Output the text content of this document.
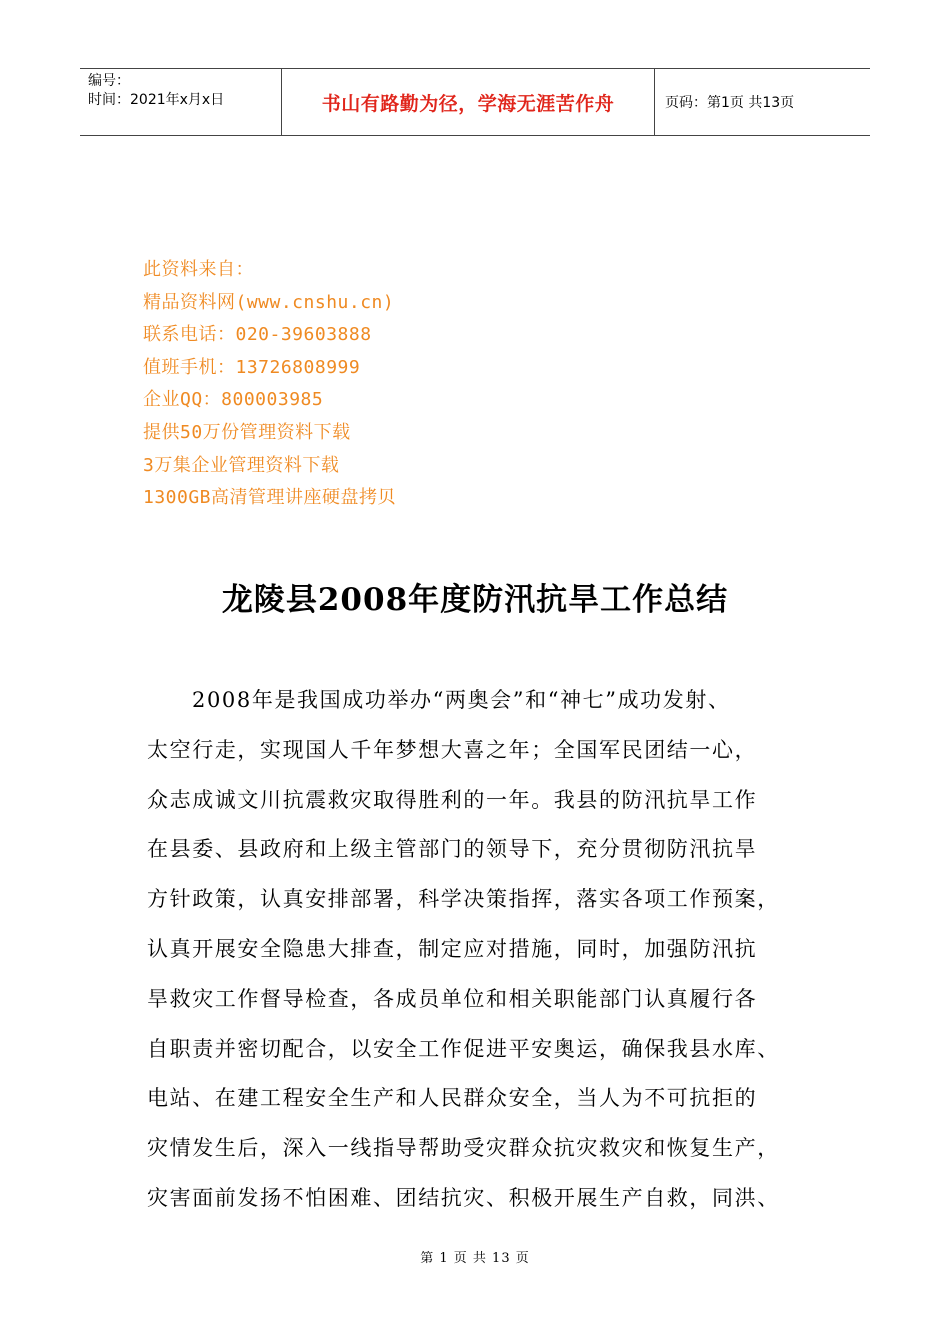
编号：
时间：2021年x月x日	书山有路勤为径，学海无涯苦作舟	页码：第1页 共13页
此资料来自：
精品资料网(www.cnshu.cn)
联系电话：020-39603888
值班手机：13726808999
企业QQ：800003985
提供50万份管理资料下载
3万集企业管理资料下载
1300GB高清管理讲座硬盘拷贝
龙陵县2008年度防汛抗旱工作总结
2008年是我国成功举办“两奥会”和“神七”成功发射、
太空行走，实现国人千年梦想大喜之年；全国军民团结一心，
众志成诚文川抗震救灾取得胜利的一年。我县的防汛抗旱工作
在县委、县政府和上级主管部门的领导下，充分贯彻防汛抗旱
方针政策，认真安排部署，科学决策指挥，落实各项工作预案，
认真开展安全隐患大排查，制定应对措施，同时，加强防汛抗
旱救灾工作督导检查，各成员单位和相关职能部门认真履行各
自职责并密切配合，以安全工作促进平安奥运，确保我县水库、
电站、在建工程安全生产和人民群众安全，当人为不可抗拒的
灾情发生后，深入一线指导帮助受灾群众抗灾救灾和恢复生产，
灾害面前发扬不怕困难、团结抗灾、积极开展生产自救，同洪、
第 1 页 共 13 页
